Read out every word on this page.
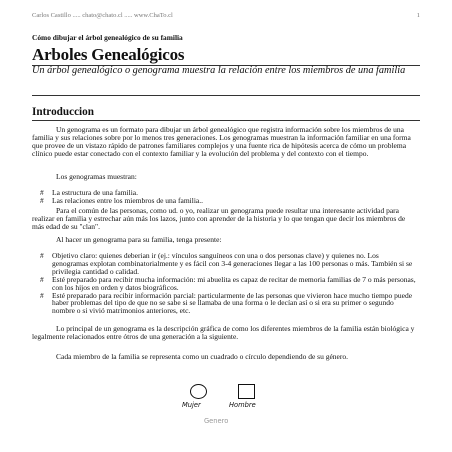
Carlos Castillo ..... chato@chato.cl ..... www.ChaTo.cl	1
Cómo dibujar el árbol genealógico de su familia
Arboles Genealógicos
Un árbol genealógico o genograma muestra la relación entre los miembros de una familia
Introduccion

Un genograma es un formato para dibujar un árbol genealógico que registra información sobre los miembros de una familia y sus relaciones sobre por lo menos tres generaciones. Los genogramas muestran la información familiar en una forma que provee de un vistazo rápido de patrones familiares complejos y una fuente rica de hipótesis acerca de cómo un problema clínico puede estar conectado con el contexto familiar y la evolución del problema y del contexto con el tiempo.

Los genogramas muestran:

# La estructura de una familia.
# Las relaciones entre los miembros de una familia..

Para el común de las personas, como ud. o yo, realizar un genograma puede resultar una interesante actividad para realizar en familia y estrechar aún más los lazos, junto con aprender de la historia y lo que tengan que decir los miembros de más edad de su "clan".

Al hacer un genograma para su familia, tenga presente:

# Objetivo claro: quienes deberian ir (ej.: vínculos sanguíneos con una o dos personas clave) y quienes no. Los genogramas explotan combinatorialmente y es fácil con 3-4 generaciones llegar a las 100 personas o más. También si se privilegia cantidad o calidad.
# Esté preparado para recibir mucha información: mi abuelita es capaz de recitar de memoria familias de 7 o más personas, con los hijos en orden y datos biográficos.
# Esté preparado para recibir información parcial: particularmente de las personas que vivieron hace mucho tiempo puede haber problemas del tipo de que no se sabe si se llamaba de una forma o le decían así o si era su primer o segundo nombre o si vivió matrimonios anteriores, etc.

Lo principal de un genograma es la descripción gráfica de como los diferentes miembros de la familia están biológica y legalmente relacionados entre ótros de una generación a la siguiente.

Cada miembro de la familia se representa como un cuadrado o círculo dependiendo de su género.

Mujer	Hombre
Genero
